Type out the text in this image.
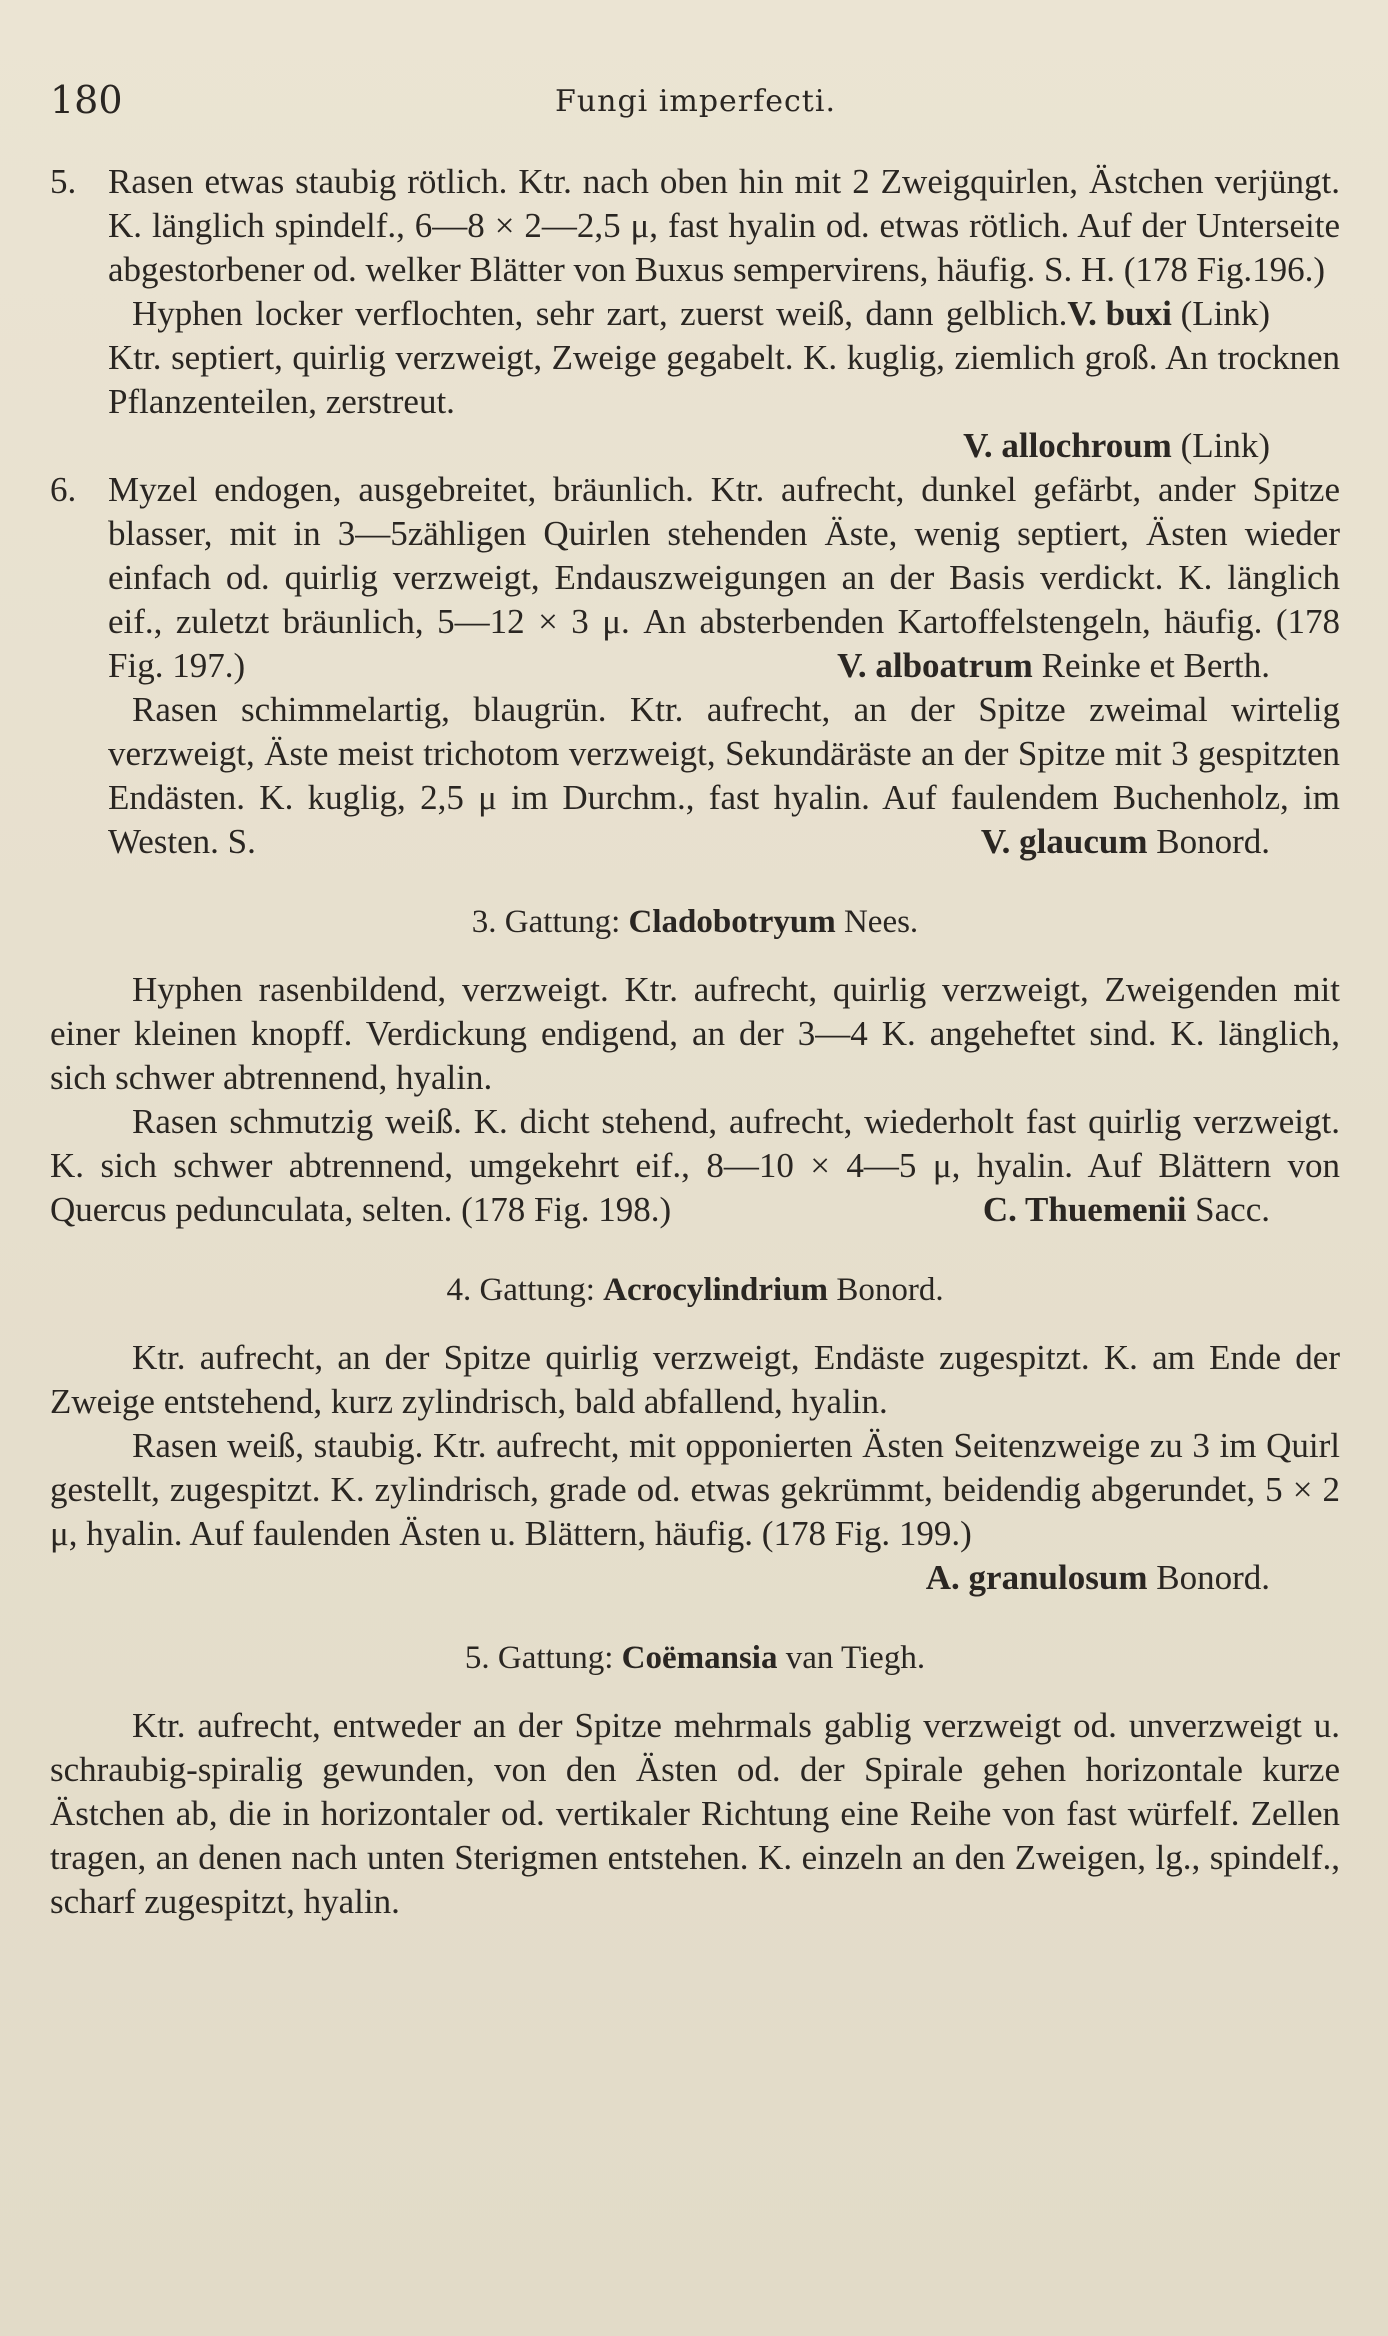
180	Fungi imperfecti.

5. Rasen etwas staubig rötlich. Ktr. nach oben hin mit 2 Zweigquirlen, Ästchen verjüngt. K. länglich spindelf., 6—8 × 2—2,5 μ, fast hyalin od. etwas rötlich. Auf der Unterseite abgestorbener od. welker Blätter von Buxus sempervirens, häufig. S. H. (178 Fig.196.)
V. buxi (Link)

Hyphen locker verflochten, sehr zart, zuerst weiß, dann gelblich. Ktr. septiert, quirlig verzweigt, Zweige gegabelt. K. kuglig, ziemlich groß. An trocknen Pflanzenteilen, zerstreut.

V. allochroum (Link)

6. Myzel endogen, ausgebreitet, bräunlich. Ktr. aufrecht, dunkel gefärbt, ander Spitze blasser, mit in 3—5zähligen Quirlen stehenden Äste, wenig septiert, Ästen wieder einfach od. quirlig verzweigt, Endauszweigungen an der Basis verdickt. K. länglich eif., zuletzt bräunlich, 5—12 × 3 μ. An absterbenden Kartoffelstengeln, häufig. (178 Fig. 197.)	V. alboatrum Reinke et Berth.

Rasen schimmelartig, blaugrün. Ktr. aufrecht, an der Spitze zweimal wirtelig verzweigt, Äste meist trichotom verzweigt, Sekundäräste an der Spitze mit 3 gespitzten Endästen. K. kuglig, 2,5 μ im Durchm., fast hyalin. Auf faulendem Buchenholz, im Westen. S.	V. glaucum Bonord.

3. Gattung: Cladobotryum Nees.

Hyphen rasenbildend, verzweigt. Ktr. aufrecht, quirlig verzweigt, Zweigenden mit einer kleinen knopff. Verdickung endigend, an der 3—4 K. angeheftet sind. K. länglich, sich schwer abtrennend, hyalin.

Rasen schmutzig weiß. K. dicht stehend, aufrecht, wiederholt fast quirlig verzweigt. K. sich schwer abtrennend, umgekehrt eif., 8—10 × 4—5 μ, hyalin. Auf Blättern von Quercus pedunculata, selten. (178 Fig. 198.)	C. Thuemenii Sacc.

4. Gattung: Acrocylindrium Bonord.

Ktr. aufrecht, an der Spitze quirlig verzweigt, Endäste zugespitzt. K. am Ende der Zweige entstehend, kurz zylindrisch, bald abfallend, hyalin.

Rasen weiß, staubig. Ktr. aufrecht, mit opponierten Ästen Seitenzweige zu 3 im Quirl gestellt, zugespitzt. K. zylindrisch, grade od. etwas gekrümmt, beidendig abgerundet, 5 × 2 μ, hyalin. Auf faulenden Ästen u. Blättern, häufig. (178 Fig. 199.)

A. granulosum Bonord.

5. Gattung: Coëmansia van Tiegh.

Ktr. aufrecht, entweder an der Spitze mehrmals gablig verzweigt od. unverzweigt u. schraubig-spiralig gewunden, von den Ästen od. der Spirale gehen horizontale kurze Ästchen ab, die in horizontaler od. vertikaler Richtung eine Reihe von fast würfelf. Zellen tragen, an denen nach unten Sterigmen entstehen. K. einzeln an den Zweigen, lg., spindelf., scharf zugespitzt, hyalin.
